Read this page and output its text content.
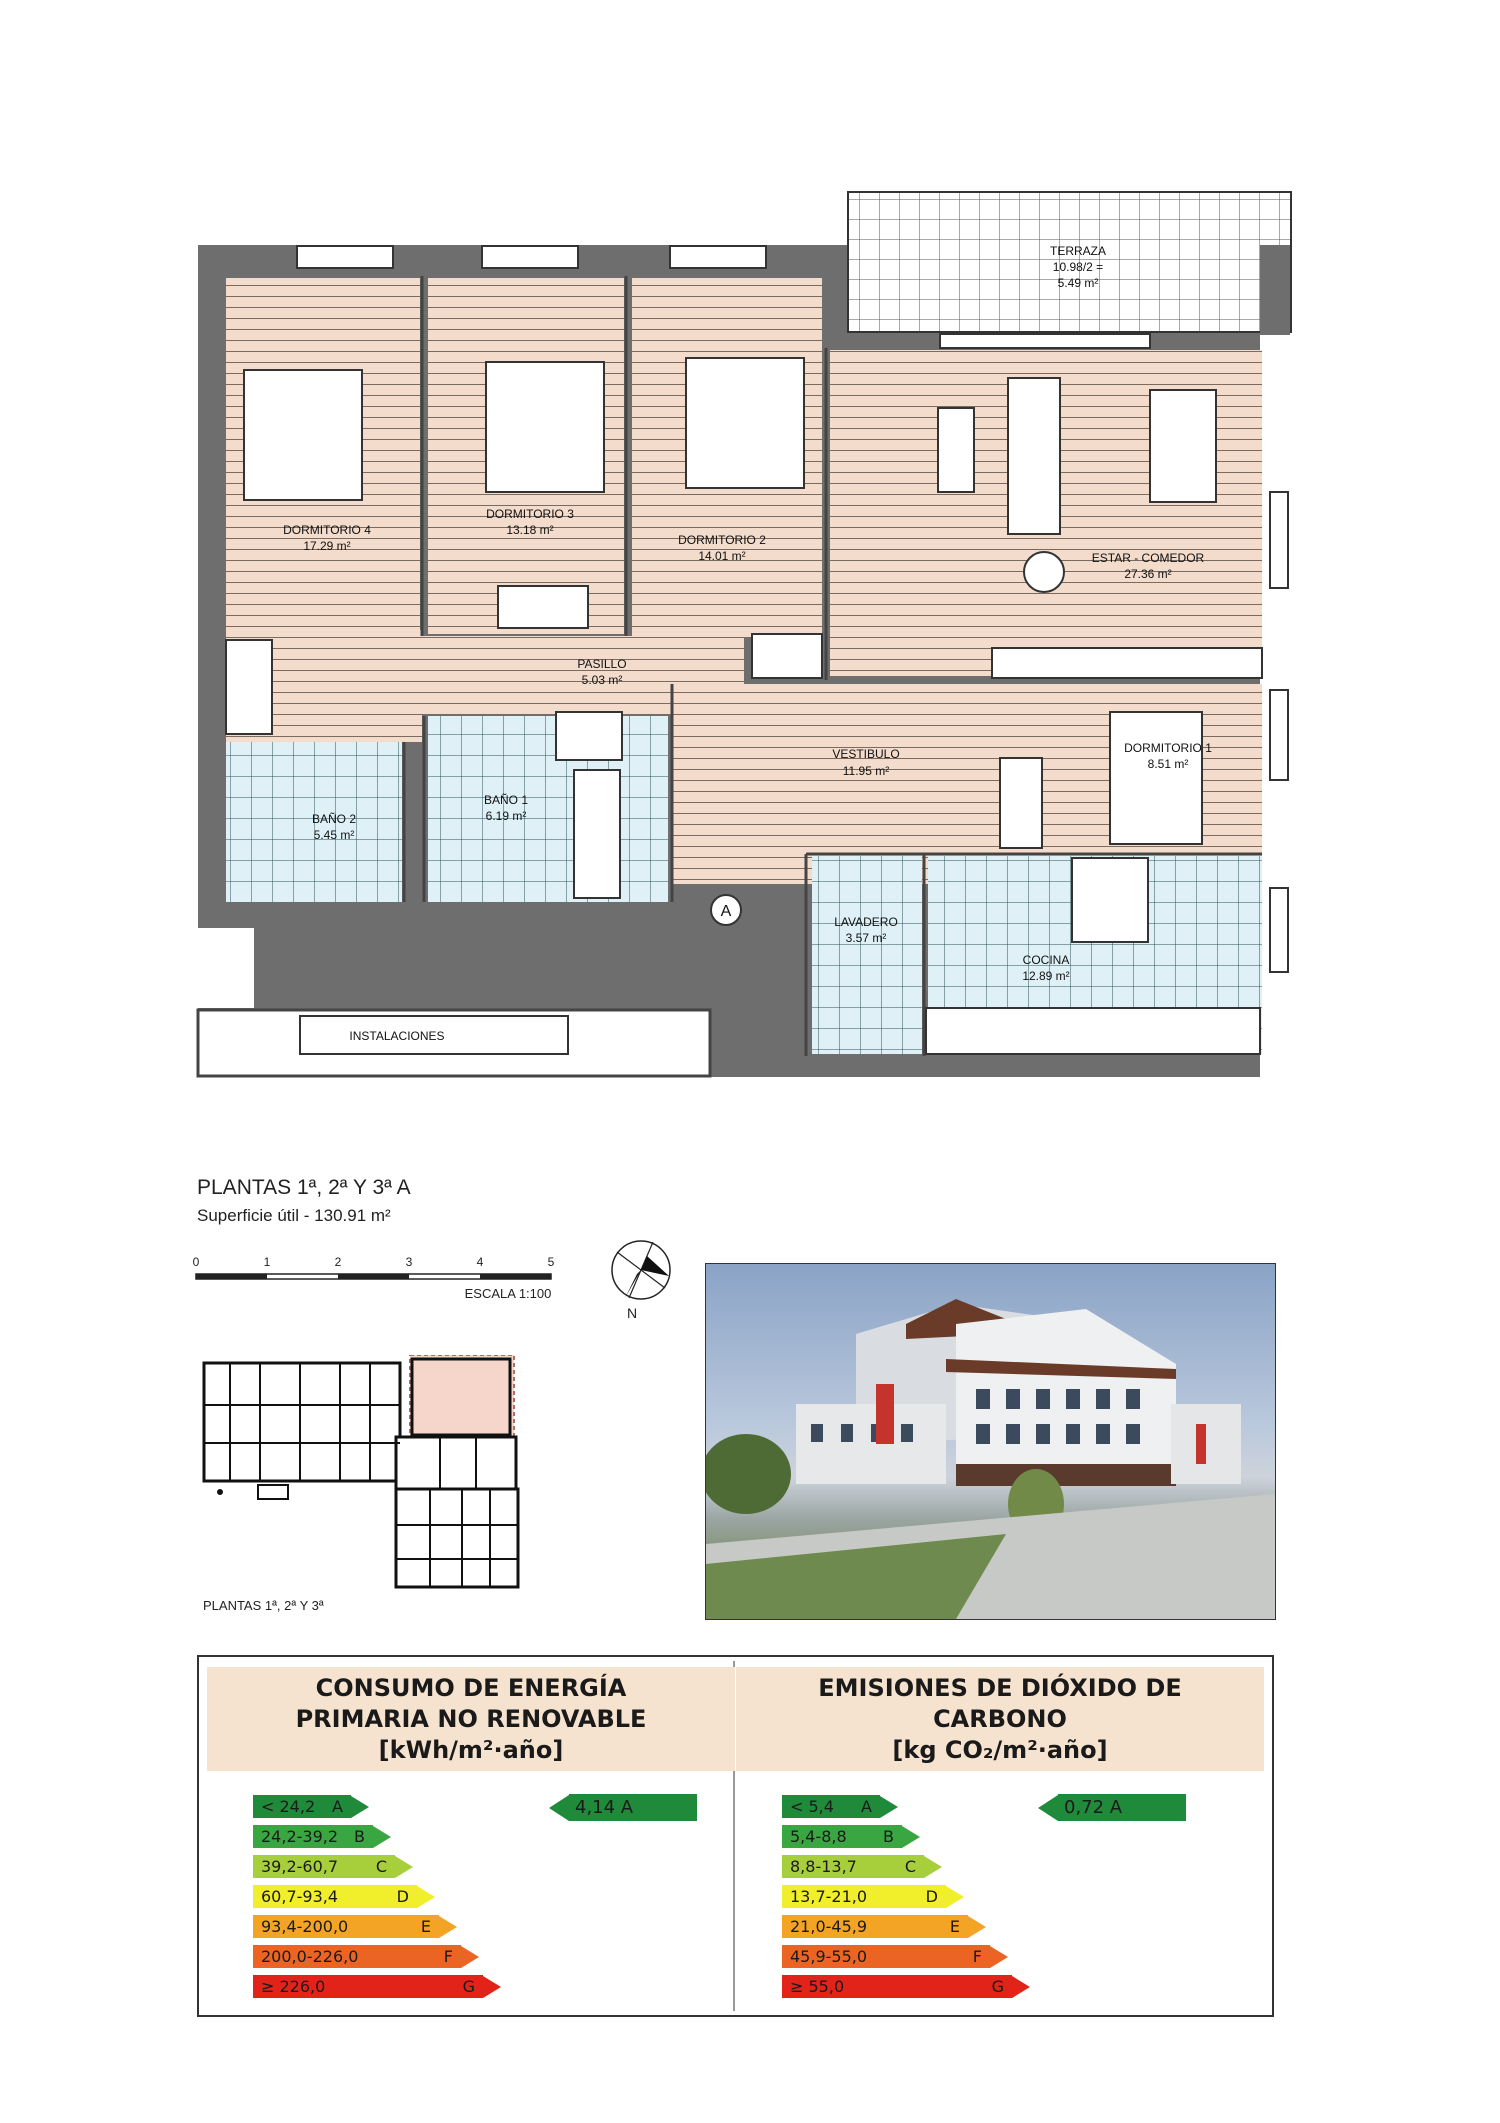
TERRAZA
10.98/2 =
5.49 m²
DORMITORIO 4
17.29 m²
DORMITORIO 3
13.18 m²
DORMITORIO 2
14.01 m²	ESTAR - COMEDOR
27.36 m²
PASILLO
5.03 m²
VESTIBULO
11.95 m²
DORMITORIO 1
8.51 m²
BAÑO 2
5.45 m²
BAÑO 1
6.19 m²
LAVADERO
3.57 m²
COCINA
12.89 m²
INSTALACIONES
A
PLANTAS 1ª, 2ª Y 3ª A
Superficie útil - 130.91 m²
0	1	2	3	4	5
ESCALA 1:100
N
PLANTAS 1ª, 2ª Y 3ª
CONSUMO DE ENERGÍA
PRIMARIA NO RENOVABLE
[kWh/m²·año]
< 24,2 A
24,2-39,2 B
39,2-60,7 C
60,7-93,4	D
93,4-200,0	E
200,0-226,0	F
≥ 226,0	G
4,14 A
EMISIONES DE DIÓXIDO DE
CARBONO
[kg CO₂/m²·año]
< 5,4 A
5,4-8,8 B
8,8-13,7	C
13,7-21,0	D
21,0-45,9	E
45,9-55,0	F
≥ 55,0	G
0,72 A
